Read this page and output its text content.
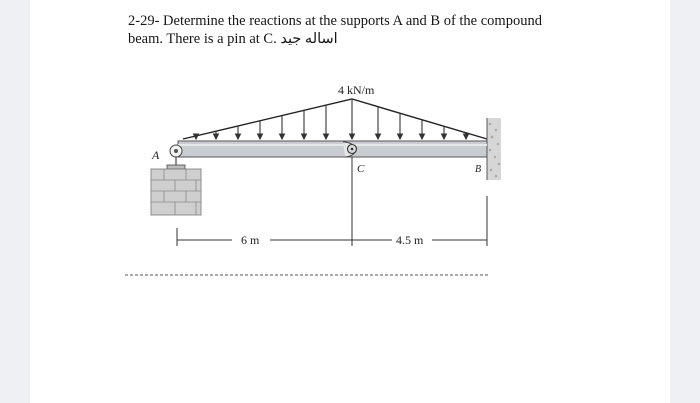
2-29- Determine the reactions at the supports A and B of the compound
beam. There is a pin at C. اساله جيد

4 kN/m
C
A
B
6 m	4.5 m
